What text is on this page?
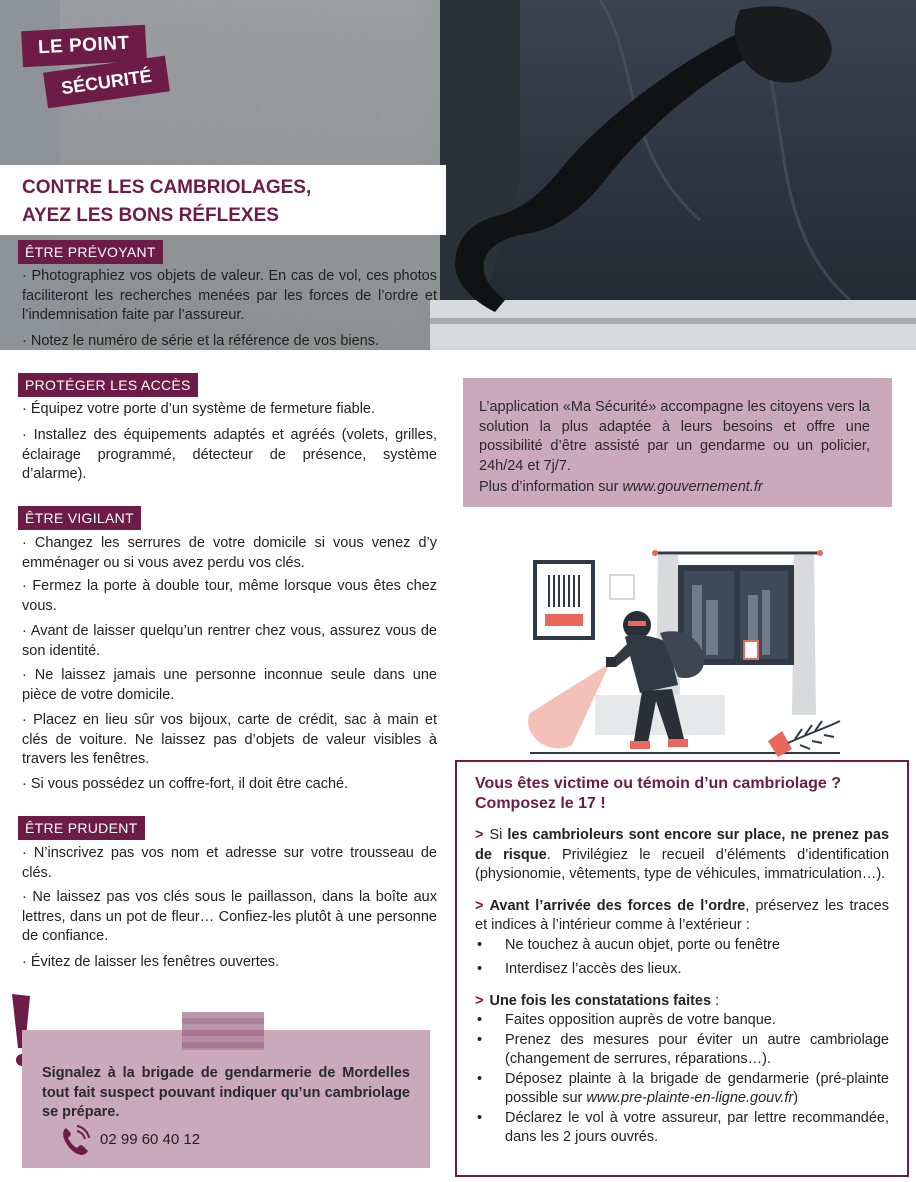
LE POINT
SÉCURITÉ
CONTRE LES CAMBRIOLAGES,
AYEZ LES BONS RÉFLEXES
ÊTRE PRÉVOYANT
· Photographiez vos objets de valeur. En cas de vol, ces photos faciliteront les recherches menées par les forces de l’ordre et l’indemnisation faite par l’assureur.
· Notez le numéro de série et la référence de vos biens.
PROTÉGER LES ACCÈS
· Équipez votre porte d’un système de fermeture fiable.
· Installez des équipements adaptés et agréés (volets, grilles, éclairage programmé, détecteur de présence, système d’alarme).
ÊTRE VIGILANT
· Changez les serrures de votre domicile si vous venez d’y emménager ou si vous avez perdu vos clés.
· Fermez la porte à double tour, même lorsque vous êtes chez vous.
· Avant de laisser quelqu’un rentrer chez vous, assurez vous de son identité.
· Ne laissez jamais une personne inconnue seule dans une pièce de votre domicile.
· Placez en lieu sûr vos bijoux, carte de crédit, sac à main et clés de voiture. Ne laissez pas d’objets de valeur visibles à travers les fenêtres.
· Si vous possédez un coffre-fort, il doit être caché.
ÊTRE PRUDENT
· N’inscrivez pas vos nom et adresse sur votre trousseau de clés.
· Ne laissez pas vos clés sous le paillasson, dans la boîte aux lettres, dans un pot de fleur… Confiez-les plutôt à une personne de confiance.
· Évitez de laisser les fenêtres ouvertes.
L’application «Ma Sécurité» accompagne les citoyens vers la solution la plus adaptée à leurs besoins et offre une possibilité d’être assisté par un gendarme ou un policier, 24h/24 et 7j/7.
Plus d’information sur www.gouvernement.fr
Vous êtes victime ou témoin d’un cambriolage ?
Composez le 17 !
> Si les cambrioleurs sont encore sur place, ne prenez pas de risque. Privilégiez le recueil d’éléments d’identification (physionomie, vêtements, type de véhicules, immatriculation…).
> Avant l’arrivée des forces de l’ordre, préservez les traces et indices à l’intérieur comme à l’extérieur :
• Ne touchez à aucun objet, porte ou fenêtre
• Interdisez l’accès des lieux.
> Une fois les constatations faites :
• Faites opposition auprès de votre banque.
• Prenez des mesures pour éviter un autre cambriolage (changement de serrures, réparations…).
• Déposez plainte à la brigade de gendarmerie (pré-plainte possible sur www.pre-plainte-en-ligne.gouv.fr)
• Déclarez le vol à votre assureur, par lettre recommandée, dans les 2 jours ouvrés.
Signalez à la brigade de gendarmerie de Mordelles tout fait suspect pouvant indiquer qu’un cambriolage se prépare.
02 99 60 40 12
